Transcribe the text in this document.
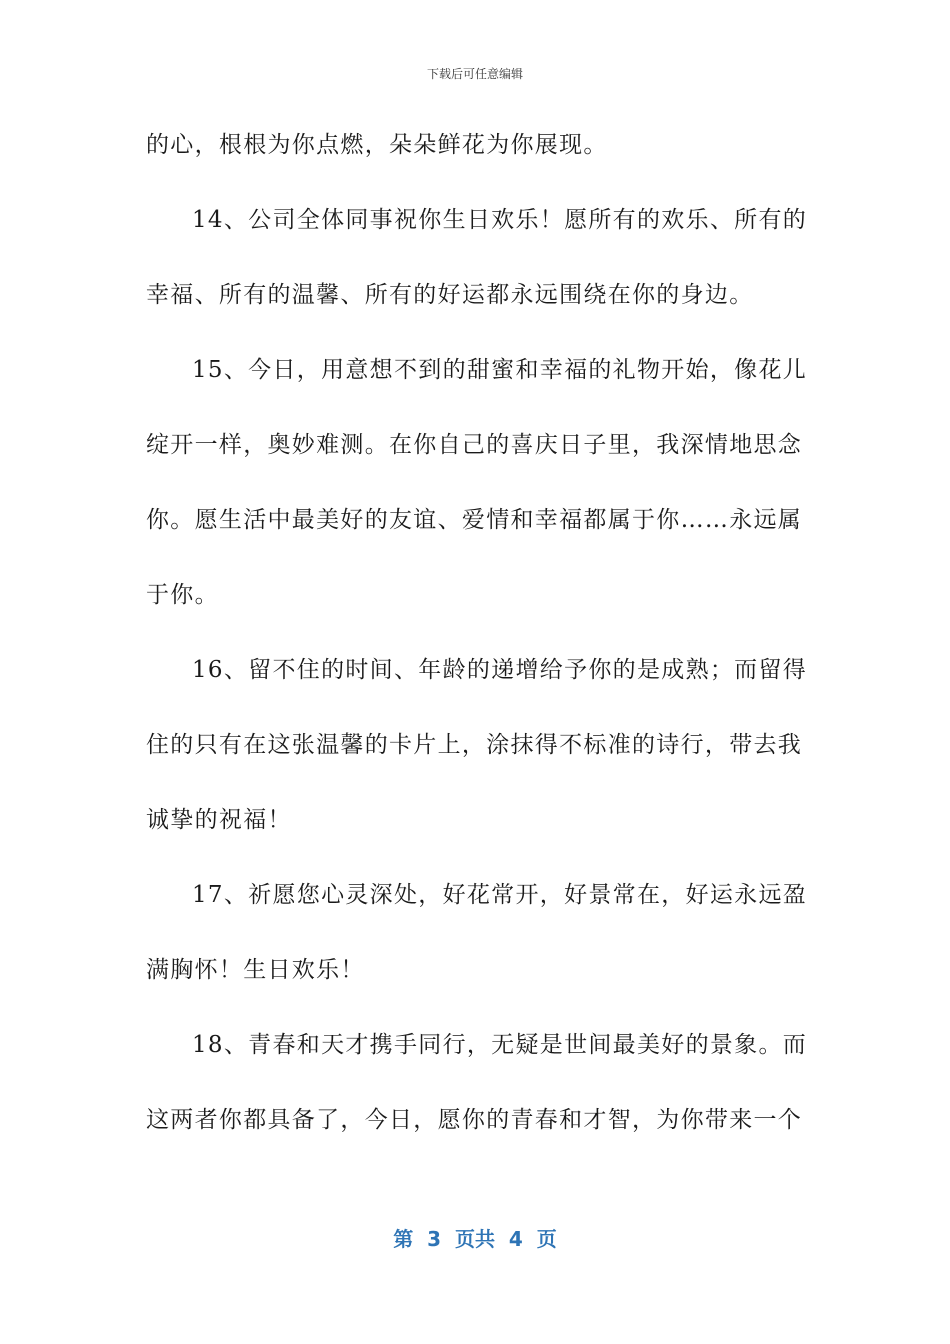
下载后可任意编辑
的心，根根为你点燃，朵朵鲜花为你展现。
14、公司全体同事祝你生日欢乐！愿所有的欢乐、所有的
幸福、所有的温馨、所有的好运都永远围绕在你的身边。
15、今日，用意想不到的甜蜜和幸福的礼物开始，像花儿
绽开一样，奥妙难测。在你自己的喜庆日子里，我深情地思念
你。愿生活中最美好的友谊、爱情和幸福都属于你……永远属
于你。
16、留不住的时间、年龄的递增给予你的是成熟；而留得
住的只有在这张温馨的卡片上，涂抹得不标准的诗行，带去我
诚挚的祝福！
17、祈愿您心灵深处，好花常开，好景常在，好运永远盈
满胸怀！生日欢乐！
18、青春和天才携手同行，无疑是世间最美好的景象。而
这两者你都具备了，今日，愿你的青春和才智，为你带来一个
第  3  页共  4  页
